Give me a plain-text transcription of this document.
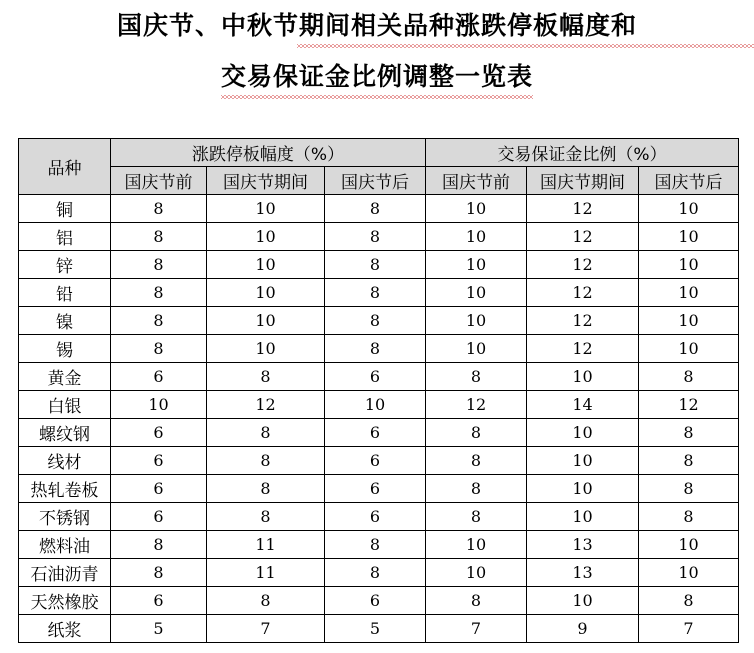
国庆节、中秋节期间相关品种涨跌停板幅度和
交易保证金比例调整一览表
品种	涨跌停板幅度（%）			交易保证金比例（%）		
	国庆节前	国庆节期间	国庆节后	国庆节前	国庆节期间	国庆节后
铜	8	10	8	10	12	10
铝	8	10	8	10	12	10
锌	8	10	8	10	12	10
铅	8	10	8	10	12	10
镍	8	10	8	10	12	10
锡	8	10	8	10	12	10
黄金	6	8	6	8	10	8
白银	10	12	10	12	14	12
螺纹钢	6	8	6	8	10	8
线材	6	8	6	8	10	8
热轧卷板	6	8	6	8	10	8
不锈钢	6	8	6	8	10	8
燃料油	8	11	8	10	13	10
石油沥青	8	11	8	10	13	10
天然橡胶	6	8	6	8	10	8
纸浆	5	7	5	7	9	7
